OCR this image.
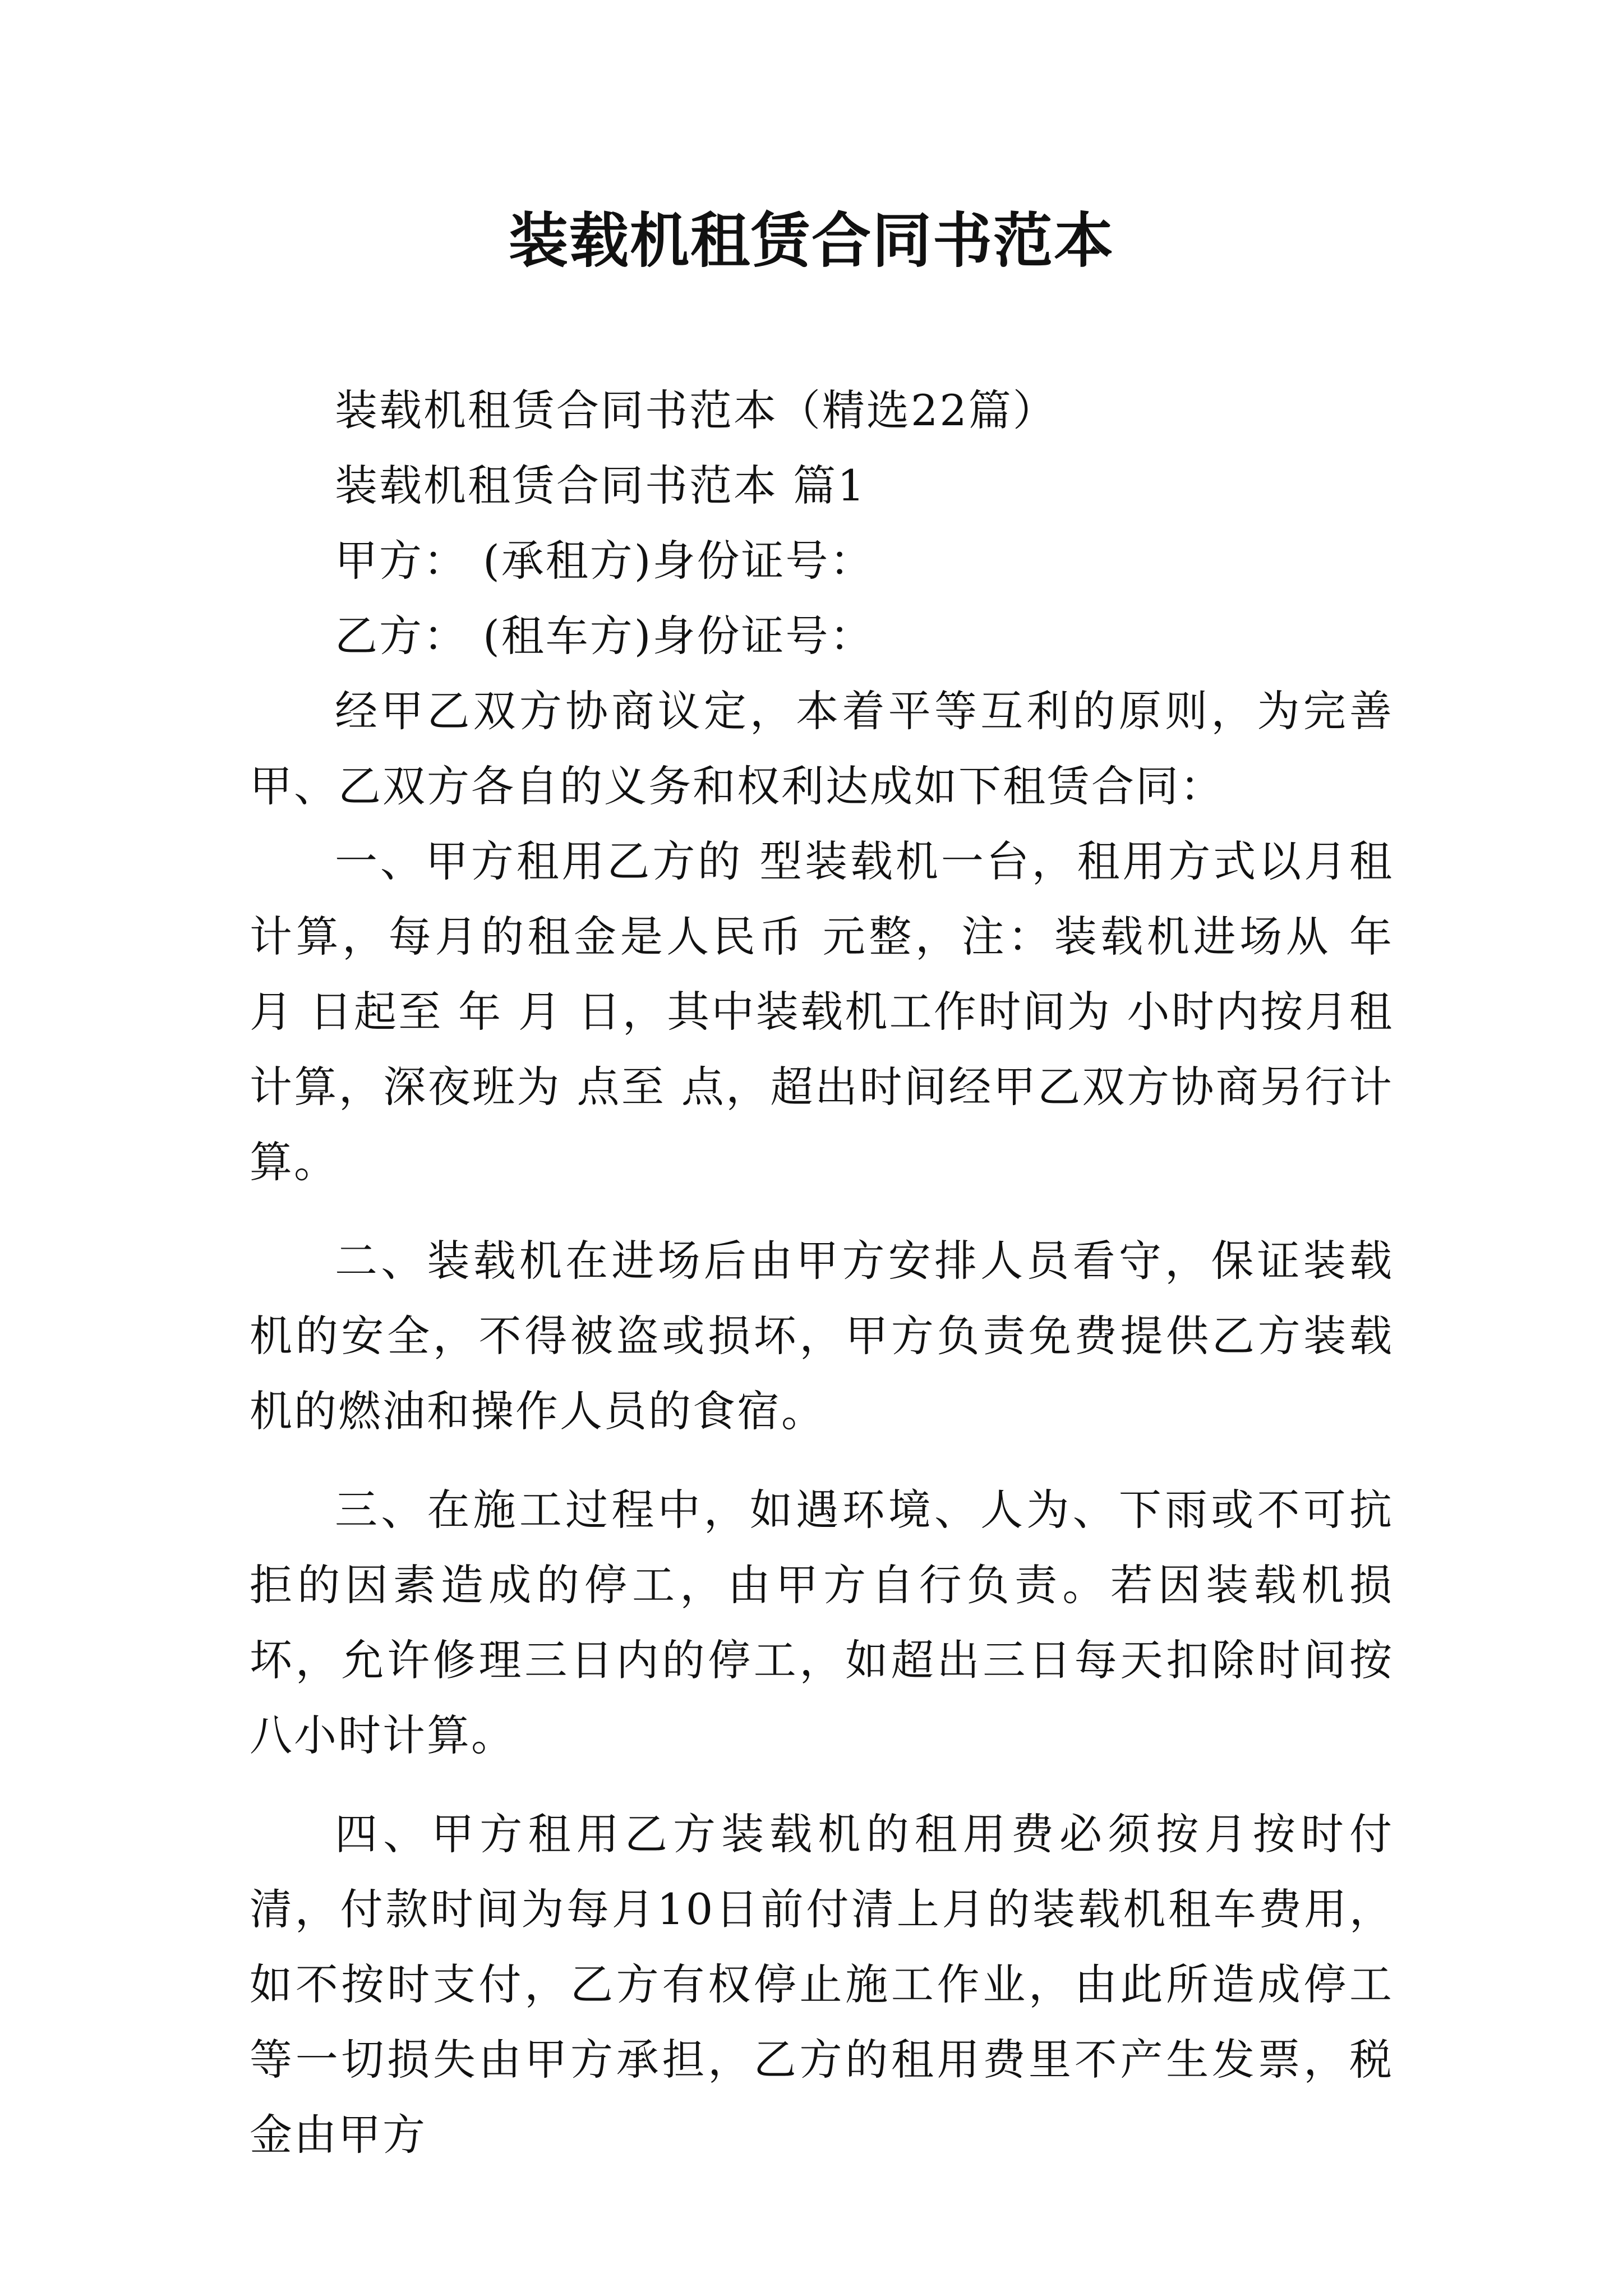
装载机租赁合同书范本

装载机租赁合同书范本（精选22篇）

装载机租赁合同书范本 篇1

甲方： (承租方)身份证号：

乙方： (租车方)身份证号：

经甲乙双方协商议定，本着平等互利的原则，为完善甲、乙双方各自的义务和权利达成如下租赁合同：

一、甲方租用乙方的 型装载机一台，租用方式以月租计算，每月的租金是人民币 元整，注：装载机进场从 年 月 日起至 年 月 日，其中装载机工作时间为 小时内按月租计算，深夜班为 点至 点，超出时间经甲乙双方协商另行计算。

二、装载机在进场后由甲方安排人员看守，保证装载机的安全，不得被盗或损坏，甲方负责免费提供乙方装载机的燃油和操作人员的食宿。

三、在施工过程中，如遇环境、人为、下雨或不可抗拒的因素造成的停工，由甲方自行负责。若因装载机损坏，允许修理三日内的停工，如超出三日每天扣除时间按八小时计算。

四、甲方租用乙方装载机的租用费必须按月按时付清，付款时间为每月10日前付清上月的装载机租车费用，如不按时支付，乙方有权停止施工作业，由此所造成停工等一切损失由甲方承担，乙方的租用费里不产生发票，税金由甲方
